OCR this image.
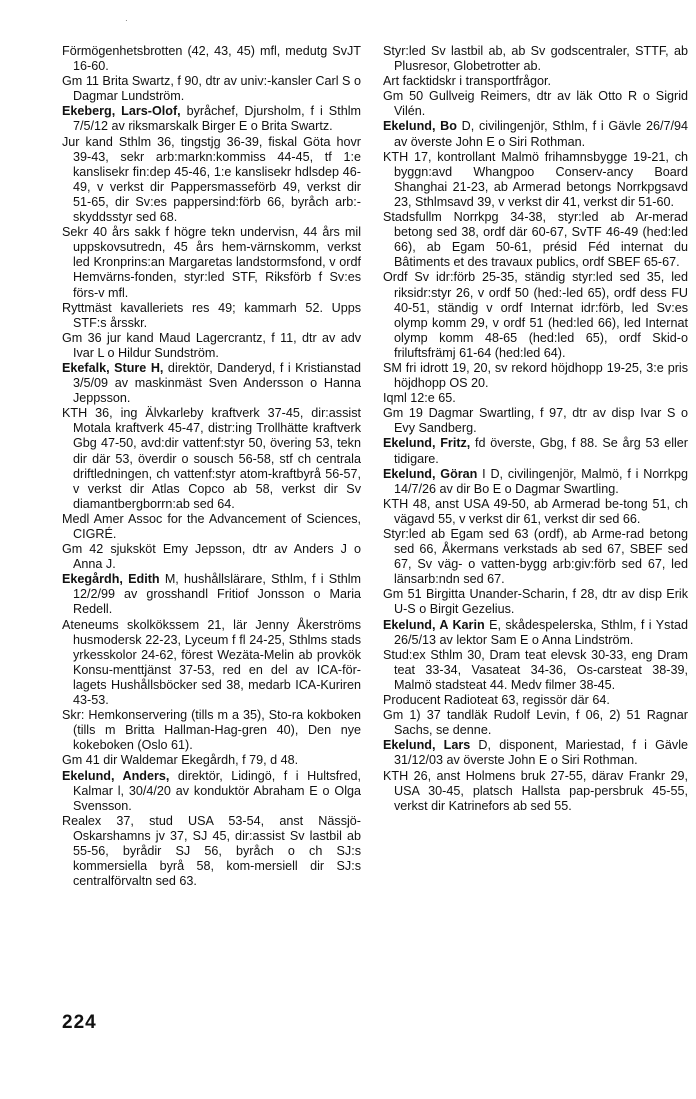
·

Förmögenhetsbrotten (42, 43, 45) mfl, medutg SvJT 16-60.

Gm 11 Brita Swartz, f 90, dtr av univ:-kansler Carl S o Dagmar Lundström.

Ekeberg, Lars-Olof, byråchef, Djursholm, f i Sthlm 7/5/12 av riksmarskalk Birger E o Brita Swartz.

Jur kand Sthlm 36, tingstjg 36-39, fiskal Göta hovr 39-43, sekr arb:markn:kommiss 44-45, tf 1:e kanslisekr fin:dep 45-46, 1:e kanslisekr hdlsdep 46-49, v verkst dir Pappersmasseförb 49, verkst dir 51-65, dir Sv:es pappersind:förb 66, byråch arb:-skyddsstyr sed 68.

Sekr 40 års sakk f högre tekn undervisn, 44 års mil uppskovsutredn, 45 års hem-värnskomm, verkst led Kronprins:an Margaretas landstormsfond, v ordf Hemvärns-fonden, styr:led STF, Riksförb f Sv:es förs-v mfl.

Ryttmäst kavalleriets res 49; kammarh 52. Upps STF:s årsskr.

Gm 36 jur kand Maud Lagercrantz, f 11, dtr av adv Ivar L o Hildur Sundström.

Ekefalk, Sture H, direktör, Danderyd, f i Kristianstad 3/5/09 av maskinmäst Sven Andersson o Hanna Jeppsson.

KTH 36, ing Älvkarleby kraftverk 37-45, dir:assist Motala kraftverk 45-47, distr:ing Trollhätte kraftverk Gbg 47-50, avd:dir vattenf:styr 50, övering 53, tekn dir där 53, överdir o sousch 56-58, stf ch centrala driftledningen, ch vattenf:styr atom-kraftbyrå 56-57, v verkst dir Atlas Copco ab 58, verkst dir Sv diamantbergborrn:ab sed 64.

Medl Amer Assoc for the Advancement of Sciences, CIGRÉ.

Gm 42 sjuksköt Emy Jepsson, dtr av Anders J o Anna J.

Ekegårdh, Edith M, hushållslärare, Sthlm, f i Sthlm 12/2/99 av grosshandl Fritiof Jonsson o Maria Redell.

Ateneums skolkökssem 21, lär Jenny Åkerströms husmodersk 22-23, Lyceum f fl 24-25, Sthlms stads yrkesskolor 24-62, förest Wezäta-Melin ab provkök Konsu-menttjänst 37-53, red en del av ICA-för-lagets Hushållsböcker sed 38, medarb ICA-Kuriren 43-53.

Skr: Hemkonservering (tills m a 35), Sto-ra kokboken (tills m Britta Hallman-Hag-gren 40), Den nye kokeboken (Oslo 61).

Gm 41 dir Waldemar Ekegårdh, f 79, d 48.

Ekelund, Anders, direktör, Lidingö, f i Hultsfred, Kalmar l, 30/4/20 av konduktör Abraham E o Olga Svensson.

Realex 37, stud USA 53-54, anst Nässjö-Oskarshamns jv 37, SJ 45, dir:assist Sv lastbil ab 55-56, byrådir SJ 56, byråch o ch SJ:s kommersiella byrå 58, kom-mersiell dir SJ:s centralförvaltn sed 63.

Styr:led Sv lastbil ab, ab Sv godscentraler, STTF, ab Plusresor, Globetrotter ab.

Art facktidskr i transportfrågor.

Gm 50 Gullveig Reimers, dtr av läk Otto R o Sigrid Vilén.

Ekelund, Bo D, civilingenjör, Sthlm, f i Gävle 26/7/94 av överste John E o Siri Rothman.

KTH 17, kontrollant Malmö frihamnsbygge 19-21, ch byggn:avd Whangpoo Conserv-ancy Board Shanghai 21-23, ab Armerad betongs Norrkpgsavd 23, Sthlmsavd 39, v verkst dir 41, verkst dir 51-60.

Stadsfullm Norrkpg 34-38, styr:led ab Ar-merad betong sed 38, ordf där 60-67, SvTF 46-49 (hed:led 66), ab Egam 50-61, présid Féd internat du Bâtiments et des travaux publics, ordf SBEF 65-67.

Ordf Sv idr:förb 25-35, ständig styr:led sed 35, led riksidr:styr 26, v ordf 50 (hed:-led 65), ordf dess FU 40-51, ständig v ordf Internat idr:förb, led Sv:es olymp komm 29, v ordf 51 (hed:led 66), led Internat olymp komm 48-65 (hed:led 65), ordf Skid-o friluftsfrämj 61-64 (hed:led 64).

SM fri idrott 19, 20, sv rekord höjdhopp 19-25, 3:e pris höjdhopp OS 20.

Iqml 12:e 65.

Gm 19 Dagmar Swartling, f 97, dtr av disp Ivar S o Evy Sandberg.

Ekelund, Fritz, fd överste, Gbg, f 88. Se årg 53 eller tidigare.

Ekelund, Göran I D, civilingenjör, Malmö, f i Norrkpg 14/7/26 av dir Bo E o Dagmar Swartling.

KTH 48, anst USA 49-50, ab Armerad be-tong 51, ch vägavd 55, v verkst dir 61, verkst dir sed 66.

Styr:led ab Egam sed 63 (ordf), ab Arme-rad betong sed 66, Åkermans verkstads ab sed 67, SBEF sed 67, Sv väg- o vatten-bygg arb:giv:förb sed 67, led länsarb:ndn sed 67.

Gm 51 Birgitta Unander-Scharin, f 28, dtr av disp Erik U-S o Birgit Gezelius.

Ekelund, A Karin E, skådespelerska, Sthlm, f i Ystad 26/5/13 av lektor Sam E o Anna Lindström.

Stud:ex Sthlm 30, Dram teat elevsk 30-33, eng Dram teat 33-34, Vasateat 34-36, Os-carsteat 38-39, Malmö stadsteat 44. Medv filmer 38-45.

Producent Radioteat 63, regissör där 64.

Gm 1) 37 tandläk Rudolf Levin, f 06, 2) 51 Ragnar Sachs, se denne.

Ekelund, Lars D, disponent, Mariestad, f i Gävle 31/12/03 av överste John E o Siri Rothman.

KTH 26, anst Holmens bruk 27-55, därav Frankr 29, USA 30-45, platsch Hallsta pap-persbruk 45-55, verkst dir Katrinefors ab sed 55.

224
